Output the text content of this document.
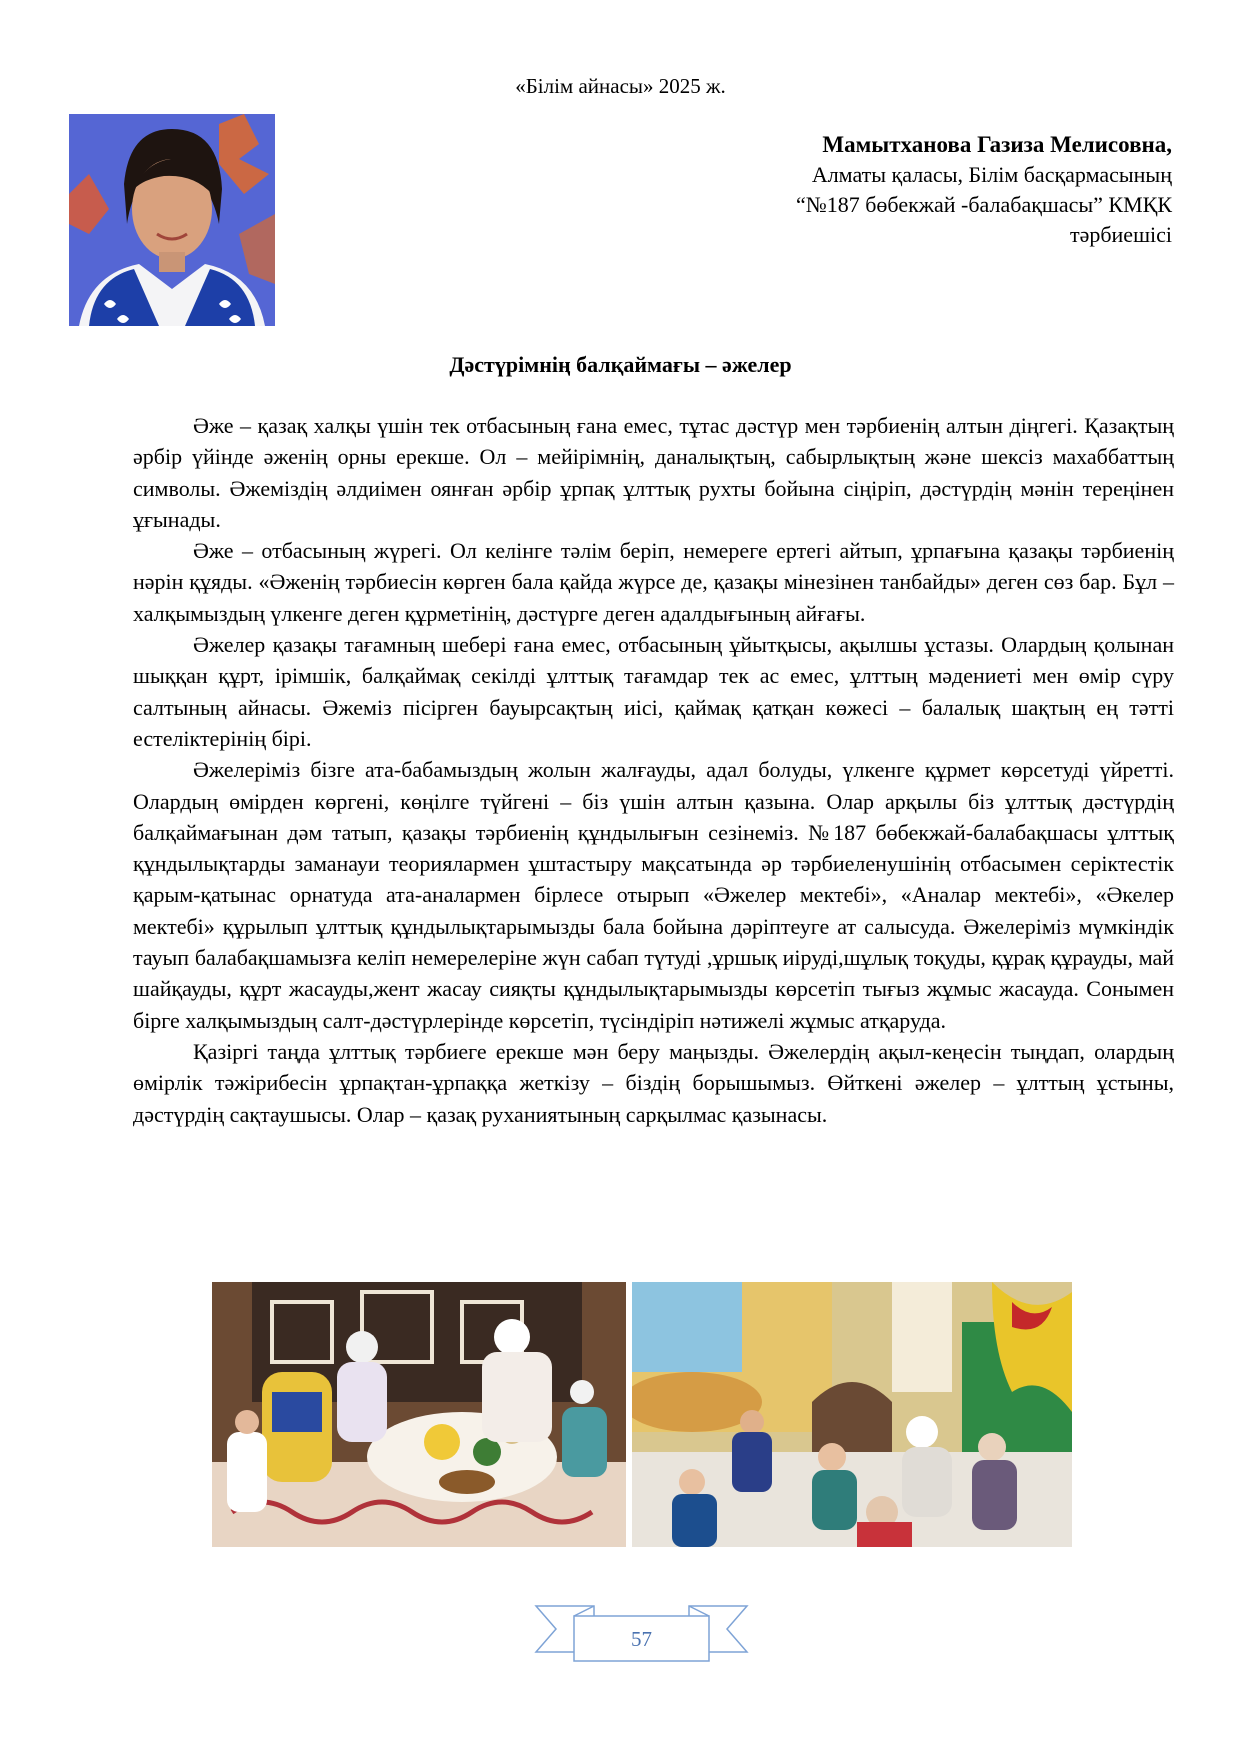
«Білім айнасы» 2025 ж.
Мамытханова Газиза Мелисовна,
Алматы қаласы, Білім басқармасының
“№187 бөбекжай -балабақшасы” КМҚК
тәрбиешісі
Дәстүрімнің балқаймағы – әжелер

Әже – қазақ халқы үшін тек отбасының ғана емес, тұтас дәстүр мен тәрбиенің алтын діңгегі. Қазақтың әрбір үйінде әженің орны ерекше. Ол – мейірімнің, даналықтың, сабырлықтың және шексіз махаббаттың символы. Әжемiздің әлдиімен оянған әрбір ұрпақ ұлттық рухты бойына сіңіріп, дәстүрдің мәнін тереңінен ұғынады.

Әже – отбасының жүрегі. Ол келінге тәлім беріп, немереге ертегі айтып, ұрпағына қазақы тәрбиенің нәрін құяды. «Әженің тәрбиесін көрген бала қайда жүрсе де, қазақы мінезінен танбайды» деген сөз бар. Бұл – халқымыздың үлкенге деген құрметінің, дәстүрге деген адалдығының айғағы.

Әжелер қазақы тағамның шебері ғана емес, отбасының ұйытқысы, ақылшы ұстазы. Олардың қолынан шыққан құрт, ірімшік, балқаймақ секілді ұлттық тағамдар тек ас емес, ұлттың мәдениеті мен өмір сүру салтының айнасы. Әжеміз пісірген бауырсақтың иісі, қаймақ қатқан көжесі – балалық шақтың ең тәтті естеліктерінің бірі.

Әжелеріміз бізге ата-бабамыздың жолын жалғауды, адал болуды, үлкенге құрмет көрсетуді үйретті. Олардың өмірден көргені, көңілге түйгені – біз үшін алтын қазына. Олар арқылы біз ұлттық дәстүрдің балқаймағынан дәм татып, қазақы тәрбиенің құндылығын сезінеміз. №187 бөбекжай-балабақшасы ұлттық құндылықтарды заманауи теориялармен ұштастыру мақсатында әр тәрбиеленушінің отбасымен серіктестік қарым-қатынас орнатуда ата-аналармен бірлесе отырып «Әжелер мектебі», «Аналар мектебі», «Әкелер мектебі» құрылып ұлттық құндылықтарымызды бала бойына дәріптеуге ат салысуда. Әжелеріміз мүмкіндік тауып балабақшамызға келіп немерелеріне жүн сабап түтуді ,ұршық иіруді,шұлық тоқуды, құрақ құрауды, май шайқауды, құрт жасауды,жент жасау сияқты құндылықтарымызды көрсетіп тығыз жұмыс жасауда. Сонымен бірге халқымыздың салт-дәстүрлерінде көрсетіп, түсіндіріп нәтижелі жұмыс атқаруда.

Қазіргі таңда ұлттық тәрбиеге ерекше мән беру маңызды. Әжелердің ақыл-кеңесін тыңдап, олардың өмірлік тәжірибесін ұрпақтан-ұрпаққа жеткізу – біздің борышымыз. Өйткені әжелер – ұлттың ұстыны, дәстүрдің сақтаушысы. Олар – қазақ руханиятының сарқылмас қазынасы.

57
